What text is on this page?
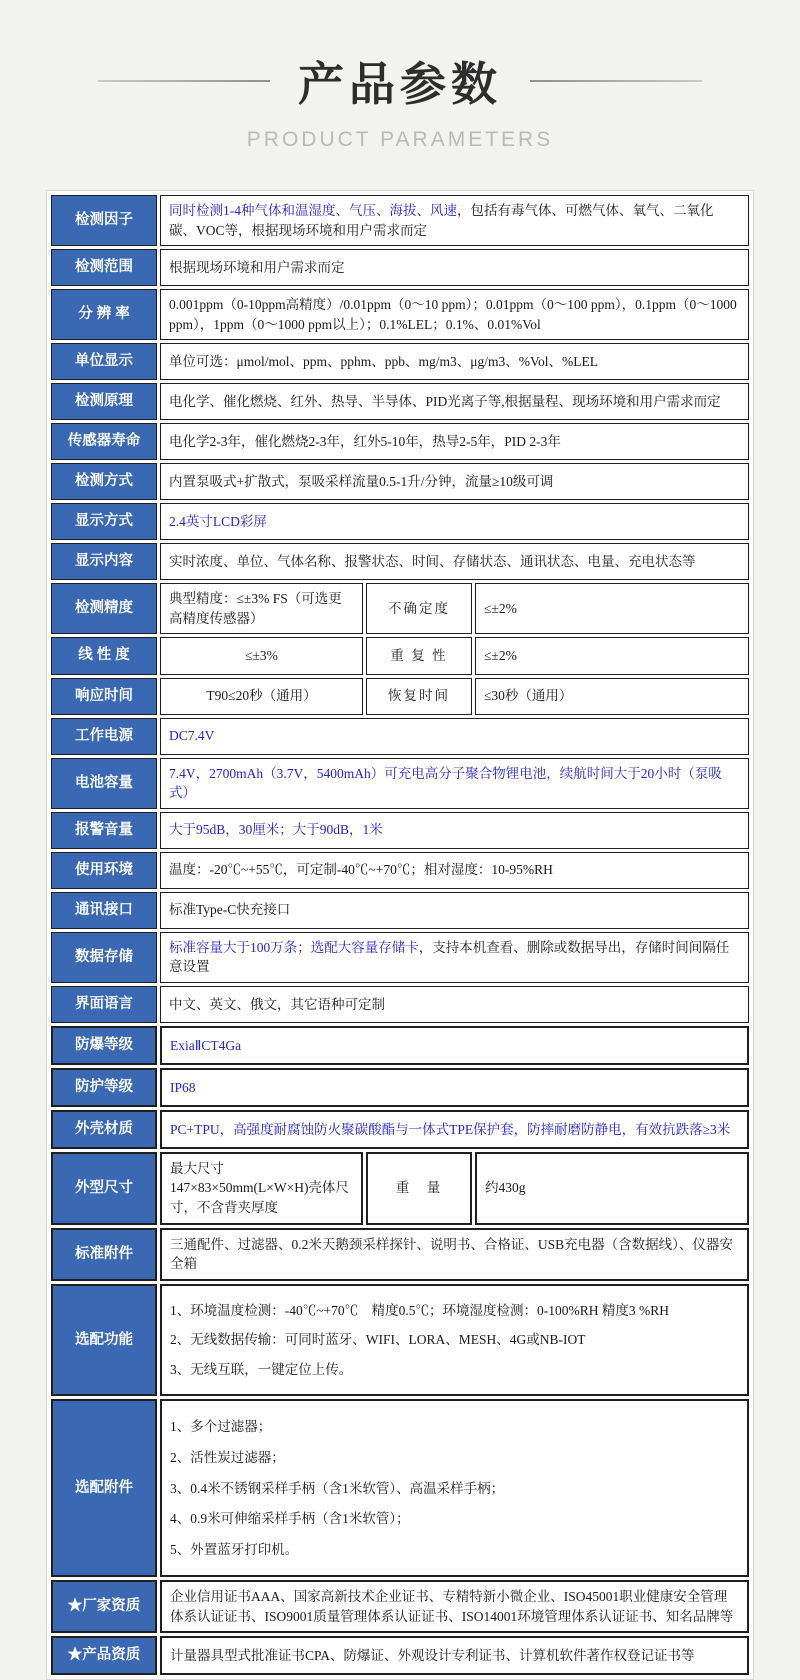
产品参数
PRODUCT PARAMETERS
检测因子	同时检测1-4种气体和温湿度、气压、海拔、风速，包括有毒气体、可燃气体、氧气、二氧化碳、VOC等，根据现场环境和用户需求而定		
检测范围	根据现场环境和用户需求而定		
分 辨 率	0.001ppm（0-10ppm高精度）/0.01ppm（0～10 ppm）；0.01ppm（0～100 ppm），0.1ppm（0～1000 ppm），1ppm（0～1000 ppm以上）；0.1%LEL；0.1%、0.01%Vol		
单位显示	单位可选：μmol/mol、ppm、pphm、ppb、mg/m3、μg/m3、%Vol、%LEL		
检测原理	电化学、催化燃烧、红外、热导、半导体、PID光离子等,根据量程、现场环境和用户需求而定		
传感器寿命	电化学2-3年，催化燃烧2-3年，红外5-10年，热导2-5年，PID 2-3年		
检测方式	内置泵吸式+扩散式，泵吸采样流量0.5-1升/分钟，流量≥10级可调		
显示方式	2.4英寸LCD彩屏		
显示内容	实时浓度、单位、气体名称、报警状态、时间、存储状态、通讯状态、电量、充电状态等		
检测精度	典型精度：≤±3% FS（可选更高精度传感器）	不确定度	≤±2%
线 性 度	≤±3%	重 复 性	≤±2%
响应时间	T90≤20秒（通用）	恢复时间	≤30秒（通用）
工作电源	DC7.4V		
电池容量	7.4V，2700mAh（3.7V，5400mAh）可充电高分子聚合物锂电池，续航时间大于20小时（泵吸式）		
报警音量	大于95dB，30厘米；大于90dB，1米		
使用环境	温度：-20℃~+55℃，可定制-40℃~+70℃；相对湿度：10-95%RH		
通讯接口	标准Type-C快充接口		
数据存储	标准容量大于100万条；选配大容量存储卡，支持本机查看、删除或数据导出，存储时间间隔任意设置		
界面语言	中文、英文、俄文，其它语种可定制		
防爆等级	ExiaⅡCT4Ga		
防护等级	IP68		
外壳材质	PC+TPU，高强度耐腐蚀防火聚碳酸酯与一体式TPE保护套，防摔耐磨防静电，有效抗跌落≥3米		
外型尺寸	最大尺寸147×83×50mm(L×W×H)壳体尺寸，不含背夹厚度	重　量	约430g
标准附件	三通配件、过滤器、0.2米天鹅颈采样探针、说明书、合格证、USB充电器（含数据线）、仪器安全箱		
选配功能	1、环境温度检测：-40℃~+70℃　精度0.5℃；环境湿度检测：0-100%RH 精度3 %RH

2、无线数据传输：可同时蓝牙、WIFI、LORA、MESH、4G或NB-IOT

3、无线互联，一键定位上传。		

选配附件	1、多个过滤器；

2、活性炭过滤器；

3、0.4米不锈钢采样手柄（含1米软管）、高温采样手柄；

4、0.9米可伸缩采样手柄（含1米软管）；

5、外置蓝牙打印机。		

★厂家资质	企业信用证书AAA、国家高新技术企业证书、专精特新小微企业、ISO45001职业健康安全管理体系认证证书、ISO9001质量管理体系认证证书、ISO14001环境管理体系认证证书、知名品牌等		
★产品资质	计量器具型式批准证书CPA、防爆证、外观设计专利证书、计算机软件著作权登记证书等		
